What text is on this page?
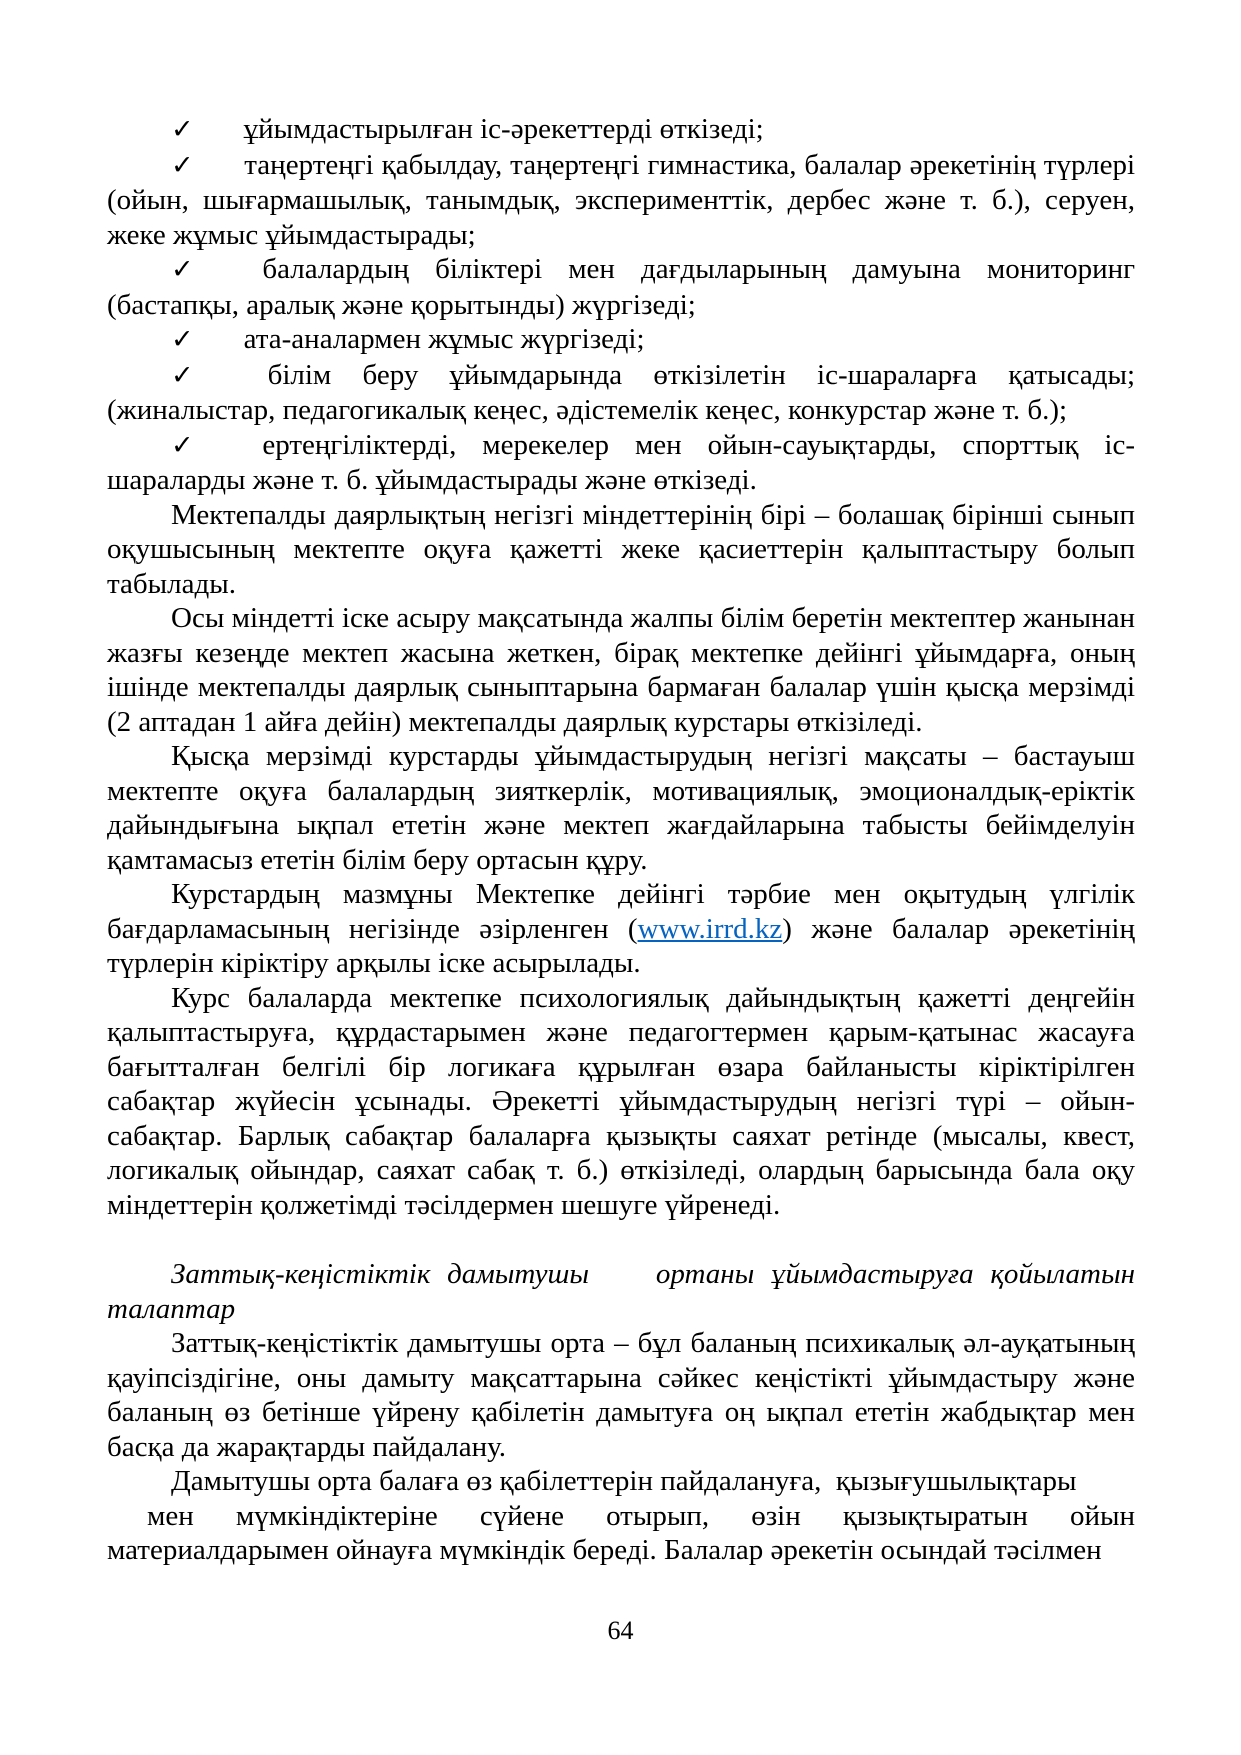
✓ ұйымдастырылған іс-әрекеттерді өткізеді;

✓ таңертеңгі қабылдау, таңертеңгі гимнастика, балалар әрекетінің түрлері (ойын, шығармашылық, танымдық, эксперименттік, дербес және т. б.), серуен, жеке жұмыс ұйымдастырады;

✓ балалардың біліктері мен дағдыларының дамуына мониторинг (бастапқы, аралық және қорытынды) жүргізеді;

✓ ата-аналармен жұмыс жүргізеді;

✓ білім беру ұйымдарында өткізілетін іс-шараларға қатысады; (жиналыстар, педагогикалық кеңес, әдістемелік кеңес, конкурстар және т. б.);

✓ ертеңгіліктерді, мерекелер мен ойын-сауықтарды, спорттық іс-шараларды және т. б. ұйымдастырады және өткізеді.

Мектепалды даярлықтың негізгі міндеттерінің бірі – болашақ бірінші сынып оқушысының мектепте оқуға қажетті жеке қасиеттерін қалыптастыру болып табылады.

Осы міндетті іске асыру мақсатында жалпы білім беретін мектептер жанынан жазғы кезеңде мектеп жасына жеткен, бірақ мектепке дейінгі ұйымдарға, оның ішінде мектепалды даярлық сыныптарына бармаған балалар үшін қысқа мерзімді (2 аптадан 1 айға дейін) мектепалды даярлық курстары өткізіледі.

Қысқа мерзімді курстарды ұйымдастырудың негізгі мақсаты – бастауыш мектепте оқуға балалардың зияткерлік, мотивациялық, эмоционалдық-еріктік дайындығына ықпал ететін және мектеп жағдайларына табысты бейімделуін қамтамасыз ететін білім беру ортасын құру.

Курстардың мазмұны Мектепке дейінгі тәрбие мен оқытудың үлгілік бағдарламасының негізінде әзірленген (www.irrd.kz) және балалар әрекетінің түрлерін кіріктіру арқылы іске асырылады.

Курс балаларда мектепке психологиялық дайындықтың қажетті деңгейін қалыптастыруға, құрдастарымен және педагогтермен қарым-қатынас жасауға бағытталған белгілі бір логикаға құрылған өзара байланысты кіріктірілген сабақтар жүйесін ұсынады. Әрекетті ұйымдастырудың негізгі түрі – ойын-сабақтар. Барлық сабақтар балаларға қызықты саяхат ретінде (мысалы, квест, логикалық ойындар, саяхат сабақ т. б.) өткізіледі, олардың барысында бала оқу міндеттерін қолжетімді тәсілдермен шешуге үйренеді.

Заттық-кеңістіктік дамытушы    ортаны ұйымдастыруға қойылатын талаптар

Заттық-кеңістіктік дамытушы орта – бұл баланың психикалық әл-ауқатының қауіпсіздігіне, оны дамыту мақсаттарына сәйкес кеңістікті ұйымдастыру және баланың өз бетінше үйрену қабілетін дамытуға оң ықпал ететін жабдықтар мен басқа да жарақтарды пайдалану.

Дамытушы орта балаға өз қабілеттерін пайдалануға,  қызығушылықтары

мен мүмкіндіктеріне сүйене отырып, өзін қызықтыратын ойын материалдарымен ойнауға мүмкіндік береді. Балалар әрекетін осындай тәсілмен

64
